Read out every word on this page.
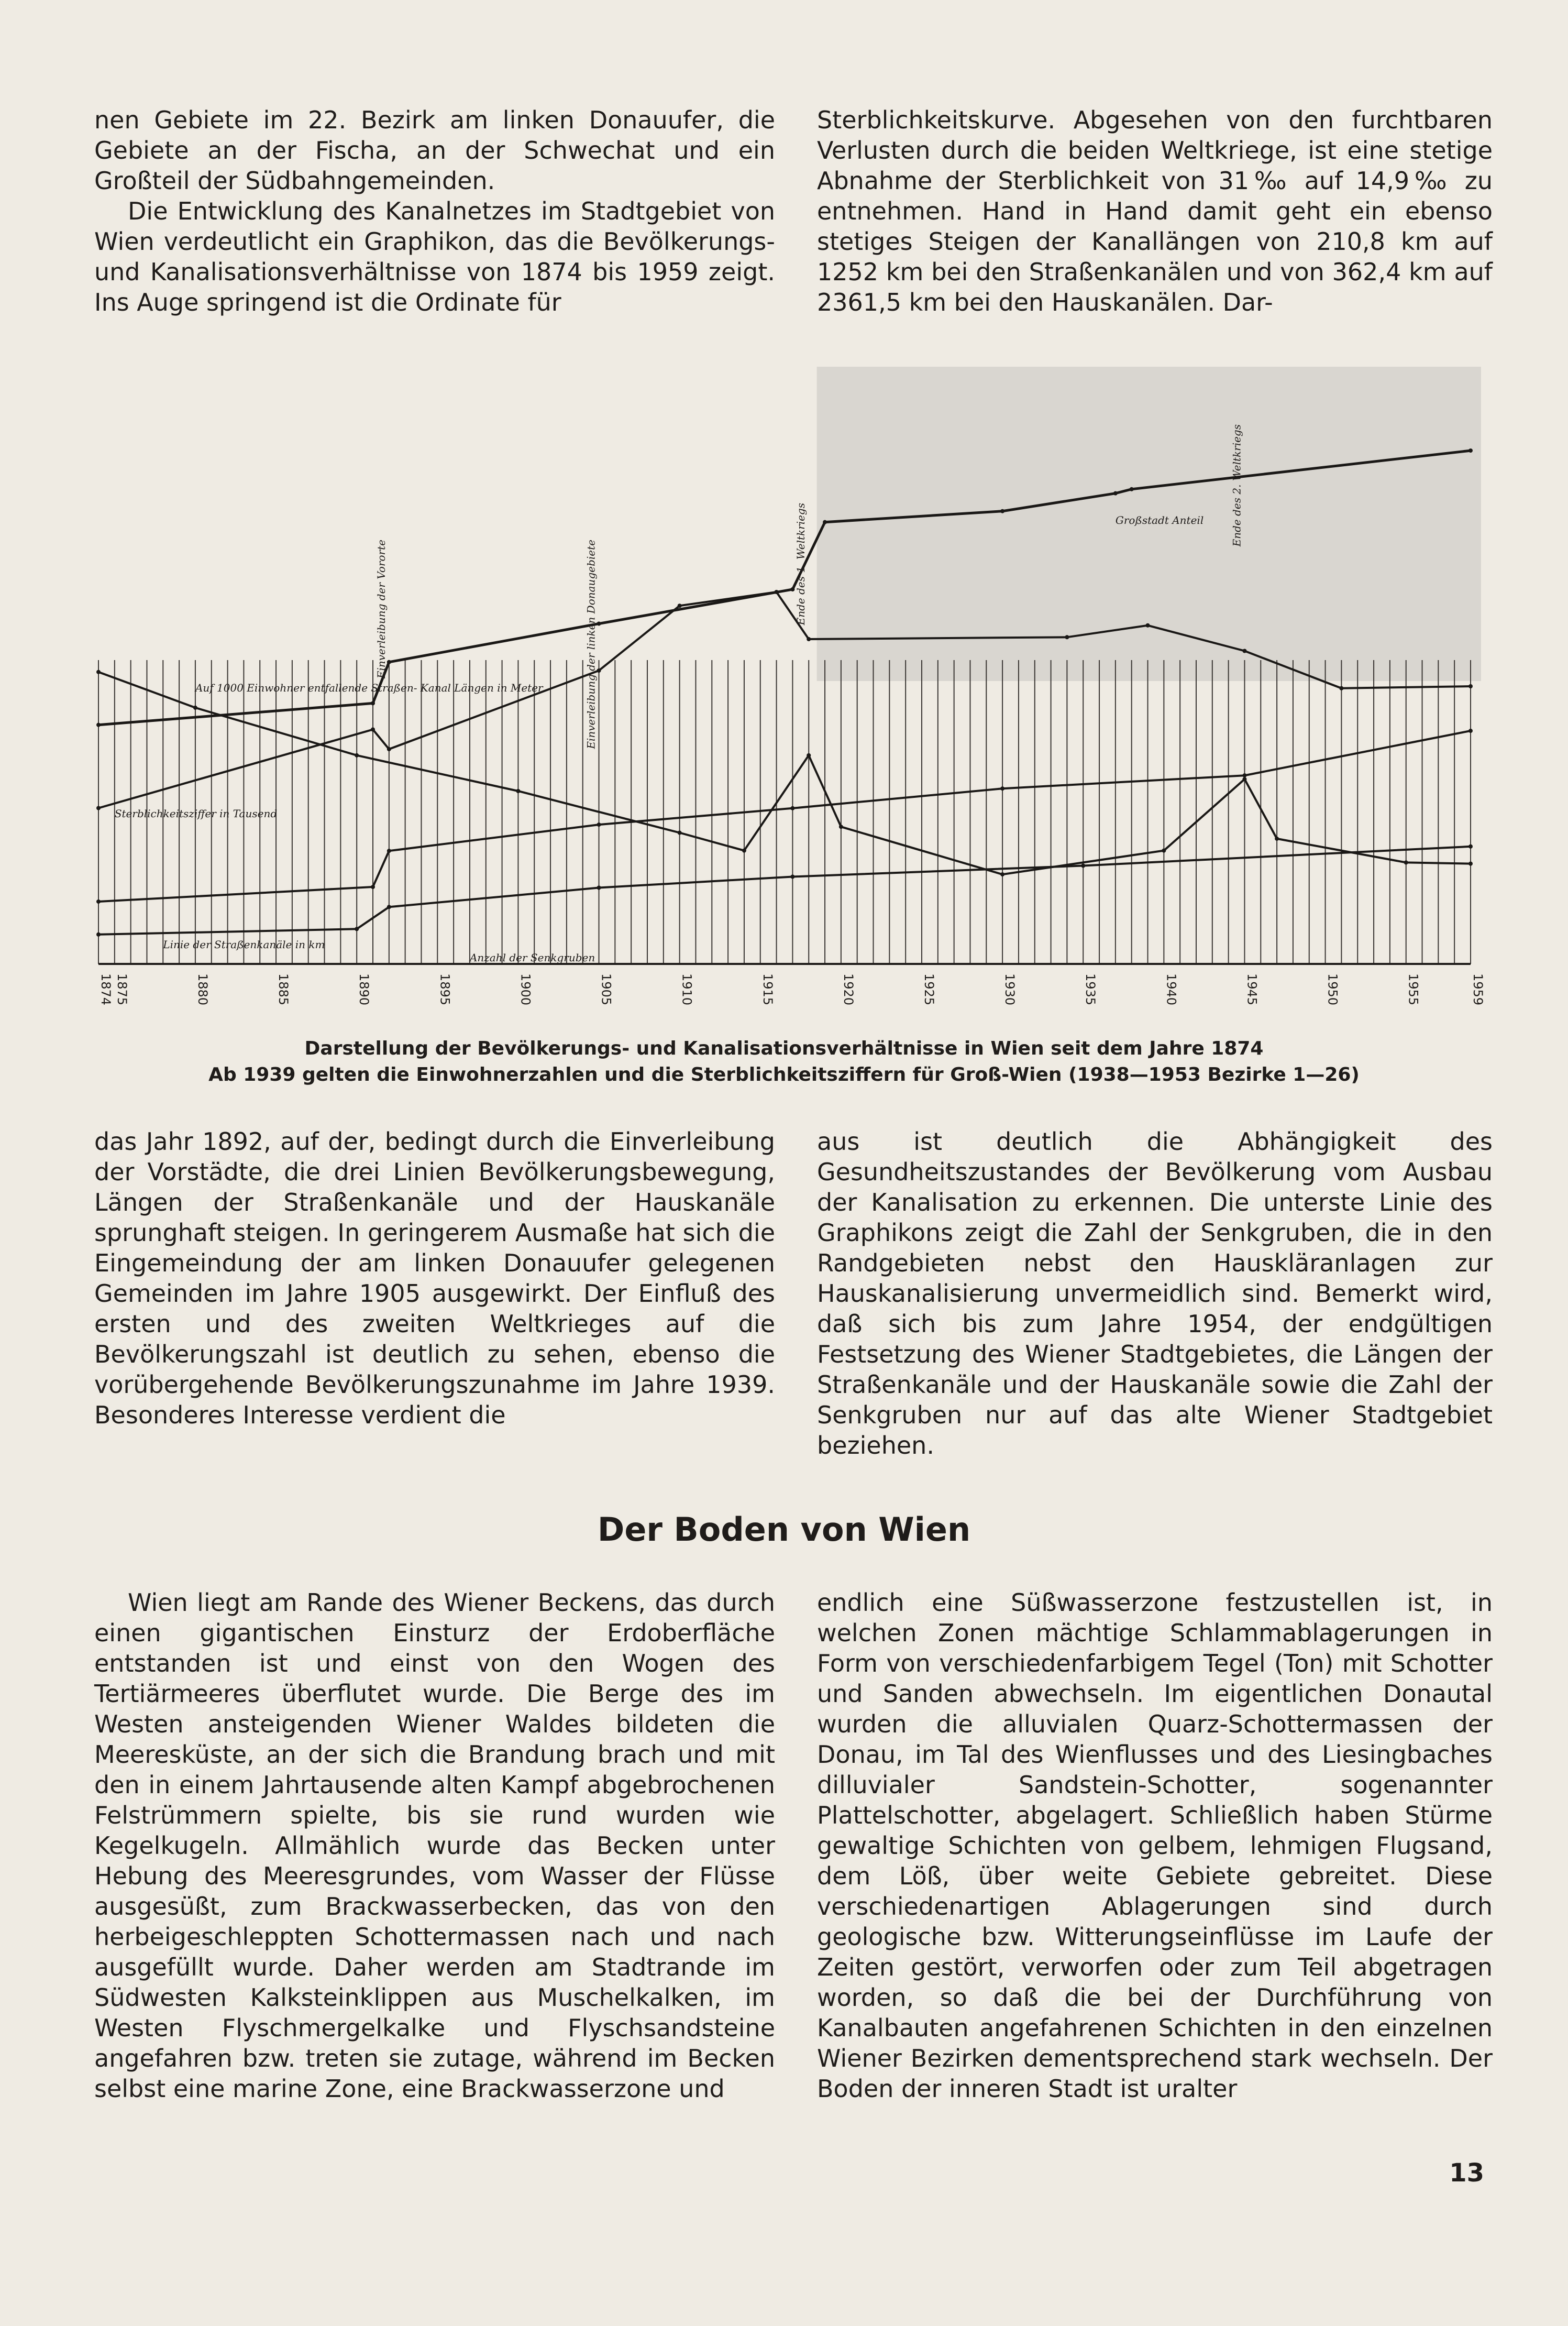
nen Gebiete im 22. Bezirk am linken Donauufer, die Gebiete an der Fischa, an der Schwechat und ein Großteil der Südbahngemeinden.

Die Entwicklung des Kanalnetzes im Stadtgebiet von Wien verdeutlicht ein Graphikon, das die Bevölkerungs- und Kanalisationsverhältnisse von 1874 bis 1959 zeigt. Ins Auge springend ist die Ordinate für

Sterblichkeitskurve. Abgesehen von den furchtbaren Verlusten durch die beiden Weltkriege, ist eine stetige Abnahme der Sterblichkeit von 31‰ auf 14,9‰ zu entnehmen. Hand in Hand damit geht ein ebenso stetiges Steigen der Kanallängen von 210,8 km auf 1252 km bei den Straßenkanälen und von 362,4 km auf 2361,5 km bei den Hauskanälen. Dar-

1874 1875	1880	1885	1890	1895	1900	1905	1910	1915	1920	1925	1930	1935	1940	1945	1950	1955	1959
Linie der Straßenkanäle in km
Sterblichkeitsziffer in Tausend
Auf 1000 Einwohner entfallende Straßen- Kanal Längen in Meter
Einverleibung der Vororte	Einverleibung der linken Donaugebiete	Ende des 1. Weltkriegs	Großstadt Anteil	Ende des 2. Weltkriegs
Anzahl der Senkgruben
Darstellung der Bevölkerungs- und Kanalisationsverhältnisse in Wien seit dem Jahre 1874
Ab 1939 gelten die Einwohnerzahlen und die Sterblichkeitsziffern für Groß-Wien (1938—1953 Bezirke 1—26)

das Jahr 1892, auf der, bedingt durch die Einverleibung der Vorstädte, die drei Linien Bevölkerungsbewegung, Längen der Straßenkanäle und der Hauskanäle sprunghaft steigen. In geringerem Ausmaße hat sich die Eingemeindung der am linken Donauufer gelegenen Gemeinden im Jahre 1905 ausgewirkt. Der Einfluß des ersten und des zweiten Weltkrieges auf die Bevölkerungszahl ist deutlich zu sehen, ebenso die vorübergehende Bevölkerungszunahme im Jahre 1939. Besonderes Interesse verdient die

aus ist deutlich die Abhängigkeit des Gesundheitszustandes der Bevölkerung vom Ausbau der Kanalisation zu erkennen. Die unterste Linie des Graphikons zeigt die Zahl der Senkgruben, die in den Randgebieten nebst den Hauskläranlagen zur Hauskanalisierung unvermeidlich sind. Bemerkt wird, daß sich bis zum Jahre 1954, der endgültigen Festsetzung des Wiener Stadtgebietes, die Längen der Straßenkanäle und der Hauskanäle sowie die Zahl der Senkgruben nur auf das alte Wiener Stadtgebiet beziehen.

Der Boden von Wien

Wien liegt am Rande des Wiener Beckens, das durch einen gigantischen Einsturz der Erdoberfläche entstanden ist und einst von den Wogen des Tertiärmeeres überflutet wurde. Die Berge des im Westen ansteigenden Wiener Waldes bildeten die Meeresküste, an der sich die Brandung brach und mit den in einem Jahrtausende alten Kampf abgebrochenen Felstrümmern spielte, bis sie rund wurden wie Kegelkugeln. Allmählich wurde das Becken unter Hebung des Meeresgrundes, vom Wasser der Flüsse ausgesüßt, zum Brackwasserbecken, das von den herbeigeschleppten Schottermassen nach und nach ausgefüllt wurde. Daher werden am Stadtrande im Südwesten Kalksteinklippen aus Muschelkalken, im Westen Flyschmergelkalke und Flyschsandsteine angefahren bzw. treten sie zutage, während im Becken selbst eine marine Zone, eine Brackwasserzone und

endlich eine Süßwasserzone festzustellen ist, in welchen Zonen mächtige Schlammablagerungen in Form von verschiedenfarbigem Tegel (Ton) mit Schotter und Sanden abwechseln. Im eigentlichen Donautal wurden die alluvialen Quarz-Schottermassen der Donau, im Tal des Wienflusses und des Liesingbaches dilluvialer Sandstein-Schotter, sogenannter Plattelschotter, abgelagert. Schließlich haben Stürme gewaltige Schichten von gelbem, lehmigen Flugsand, dem Löß, über weite Gebiete gebreitet. Diese verschiedenartigen Ablagerungen sind durch geologische bzw. Witterungseinflüsse im Laufe der Zeiten gestört, verworfen oder zum Teil abgetragen worden, so daß die bei der Durchführung von Kanalbauten angefahrenen Schichten in den einzelnen Wiener Bezirken dementsprechend stark wechseln. Der Boden der inneren Stadt ist uralter

13
